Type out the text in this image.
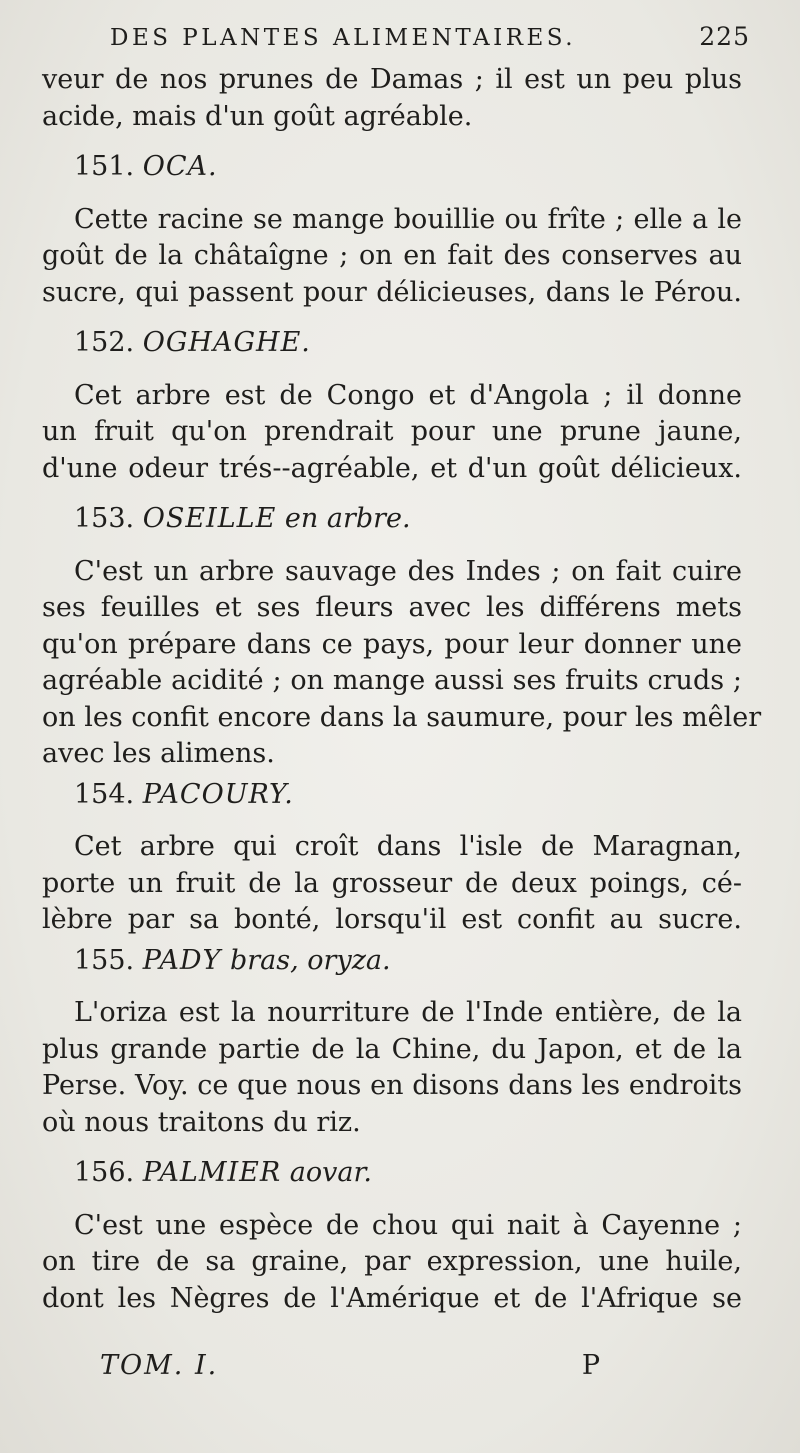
DES PLANTES ALIMENTAIRES.	225
veur de nos prunes de Damas ; il est un peu plus
acide, mais d'un goût agréable.
151. OCA.
Cette racine se mange bouillie ou frîte ; elle a le
goût de la châtaîgne ; on en fait des conserves au
sucre, qui passent pour délicieuses, dans le Pérou.
152. OGHAGHE.
Cet arbre est de Congo et d'Angola ; il donne
un fruit qu'on prendrait pour une prune jaune,
d'une odeur trés--agréable, et d'un goût délicieux.
153. OSEILLE en arbre.
C'est un arbre sauvage des Indes ; on fait cuire
ses feuilles et ses fleurs avec les différens mets
qu'on prépare dans ce pays, pour leur donner une
agréable acidité ; on mange aussi ses fruits cruds ;
on les confit encore dans la saumure, pour les mêler
avec les alimens.
154. PACOURY.
Cet arbre qui croît dans l'isle de Maragnan,
porte un fruit de la grosseur de deux poings, cé-
lèbre par sa bonté, lorsqu'il est confit au sucre.
155. PADY bras, oryza.
L'oriza est la nourriture de l'Inde entière, de la
plus grande partie de la Chine, du Japon, et de la
Perse. Voy. ce que nous en disons dans les endroits
où nous traitons du riz.
156. PALMIER aovar.
C'est une espèce de chou qui nait à Cayenne ;
on tire de sa graine, par expression, une huile,
dont les Nègres de l'Amérique et de l'Afrique se
TOM. I.	P
